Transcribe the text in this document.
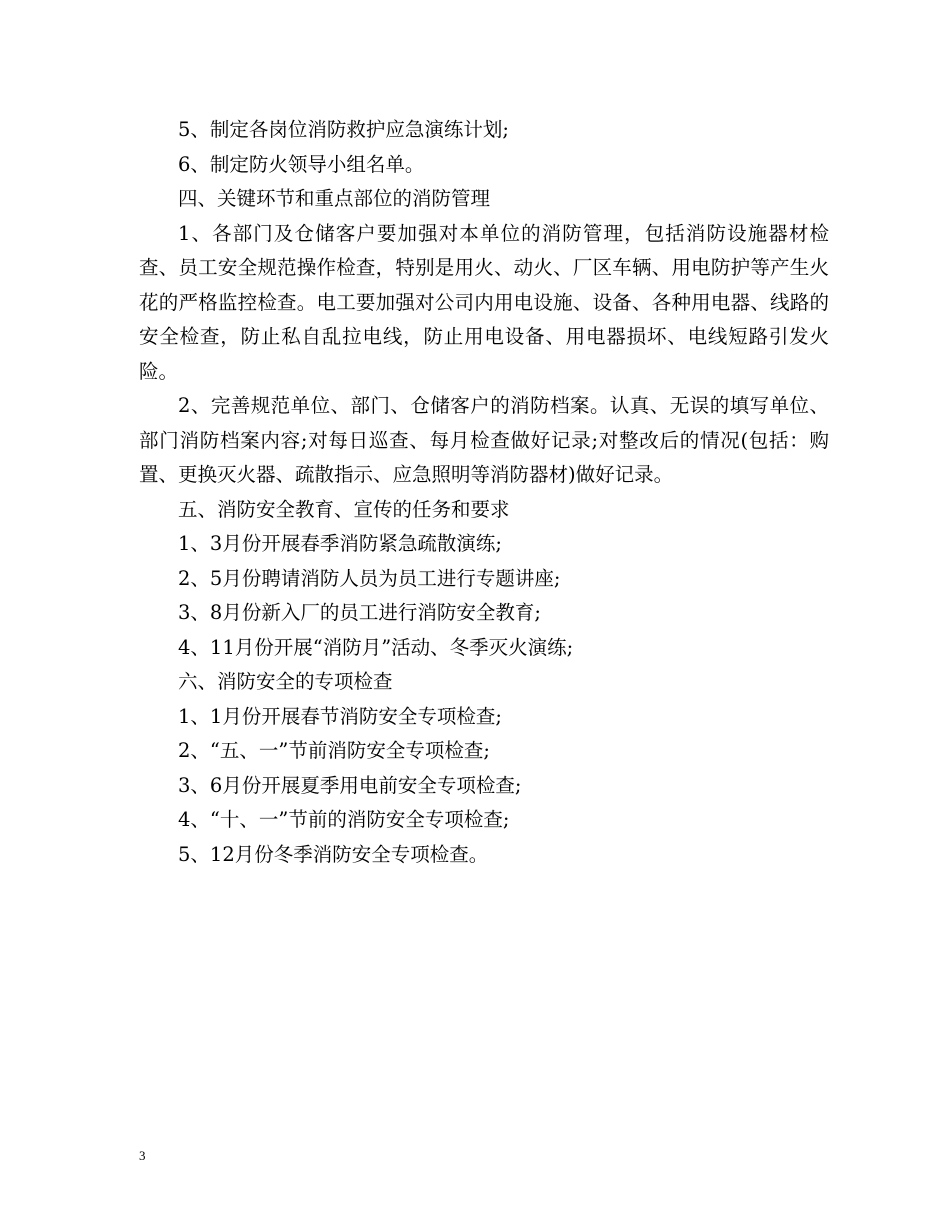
5、制定各岗位消防救护应急演练计划;

6、制定防火领导小组名单。

四、关键环节和重点部位的消防管理

1、各部门及仓储客户要加强对本单位的消防管理，包括消防设施器材检查、员工安全规范操作检查，特别是用火、动火、厂区车辆、用电防护等产生火花的严格监控检查。电工要加强对公司内用电设施、设备、各种用电器、线路的安全检查，防止私自乱拉电线，防止用电设备、用电器损坏、电线短路引发火险。

2、完善规范单位、部门、仓储客户的消防档案。认真、无误的填写单位、部门消防档案内容;对每日巡查、每月检查做好记录;对整改后的情况(包括：购置、更换灭火器、疏散指示、应急照明等消防器材)做好记录。

五、消防安全教育、宣传的任务和要求

1、3月份开展春季消防紧急疏散演练;

2、5月份聘请消防人员为员工进行专题讲座;

3、8月份新入厂的员工进行消防安全教育;

4、11月份开展“消防月”活动、冬季灭火演练;

六、消防安全的专项检查

1、1月份开展春节消防安全专项检查;

2、“五、一”节前消防安全专项检查;

3、6月份开展夏季用电前安全专项检查;

4、“十、一”节前的消防安全专项检查;

5、12月份冬季消防安全专项检查。

3
